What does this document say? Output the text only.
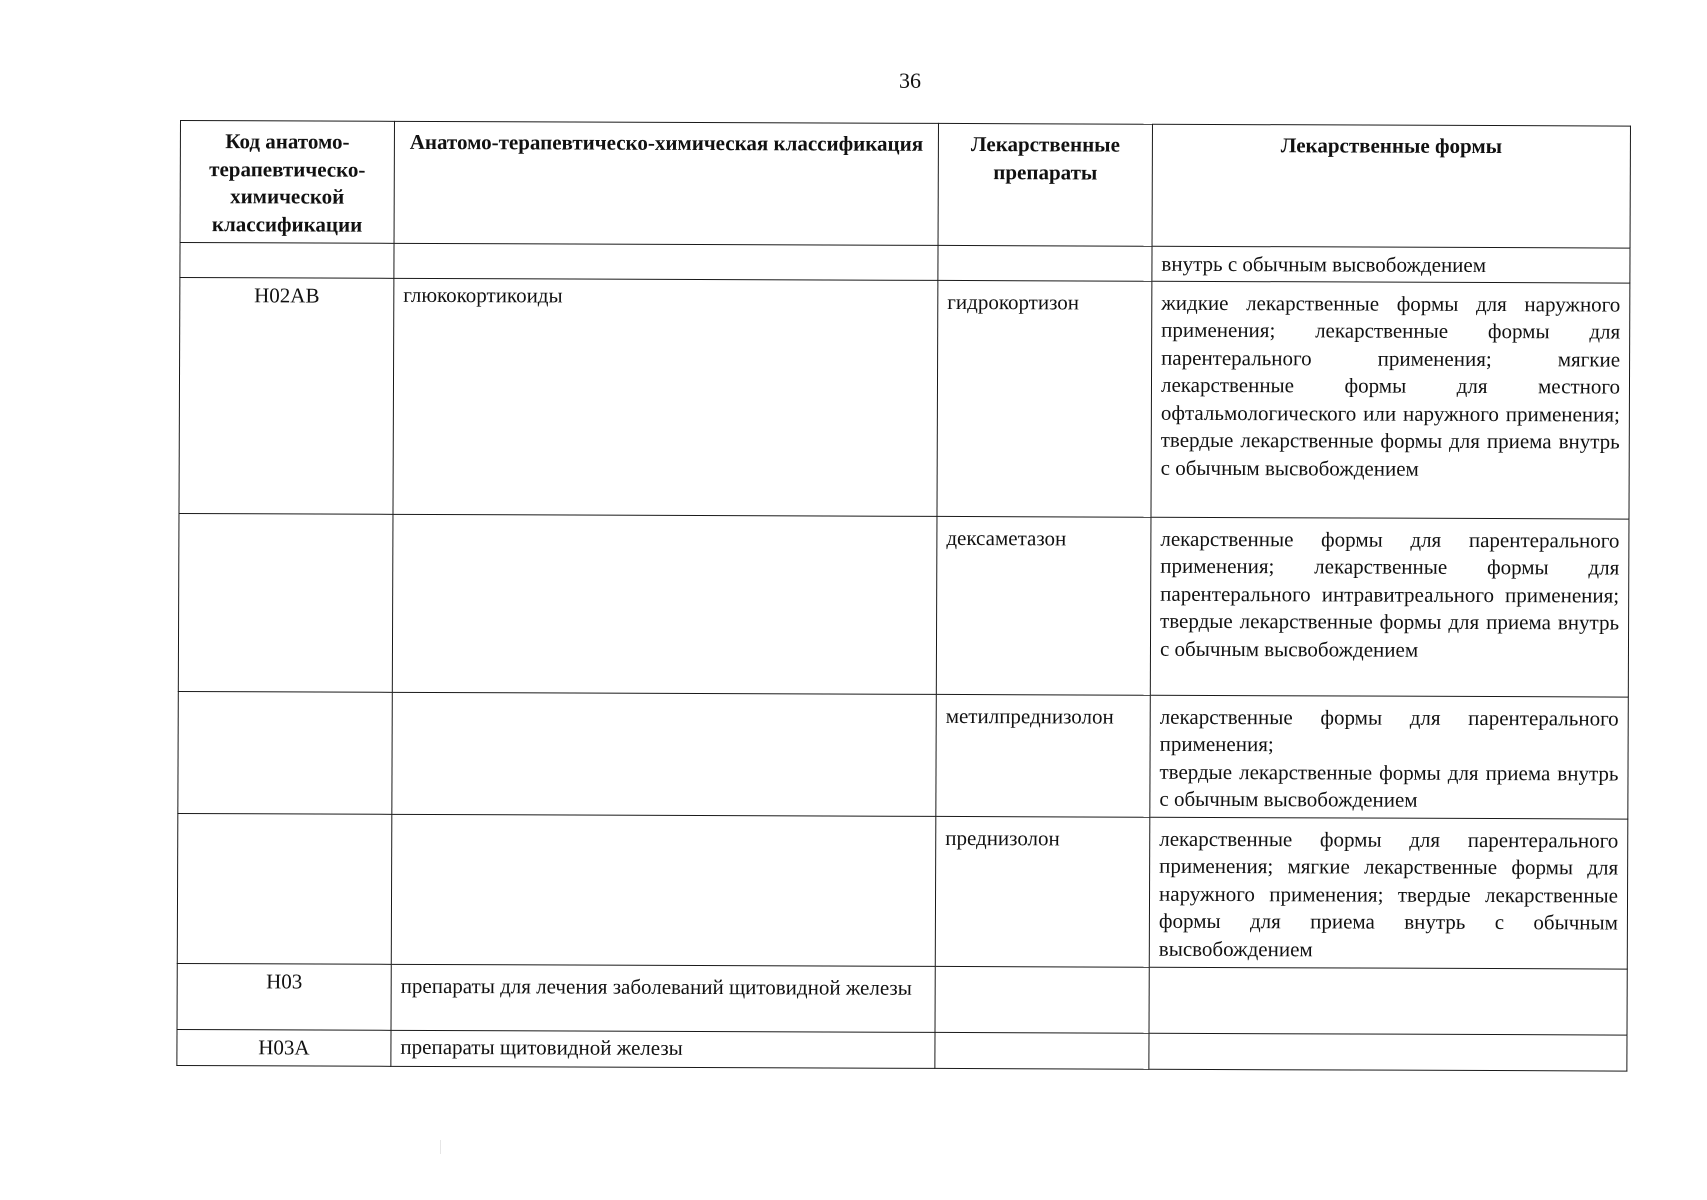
36
Код анатомо-терапевтическо-химической классификации	Анатомо-терапевтическо-химическая классификация	Лекарственные препараты	Лекарственные формы
			внутрь с обычным высвобождением
H02AB	глюкокортикоиды	гидрокортизон	жидкие лекарственные формы для наружного применения; лекарственные формы для парентерального применения; мягкие лекарственные формы для местного офтальмологического или наружного применения; твердые лекарственные формы для приема внутрь с обычным высвобождением
		дексаметазон	лекарственные формы для парентерального применения; лекарственные формы для парентерального интравитреального применения; твердые лекарственные формы для приема внутрь с обычным высвобождением
		метилпреднизолон	лекарственные формы для парентерального применения;
твердые лекарственные формы для приема внутрь с обычным высвобождением

		преднизолон	лекарственные формы для парентерального применения; мягкие лекарственные формы для наружного применения; твердые лекарственные формы для приема внутрь с обычным высвобождением
H03	препараты для лечения заболеваний щитовидной железы		
H03A	препараты щитовидной железы		
